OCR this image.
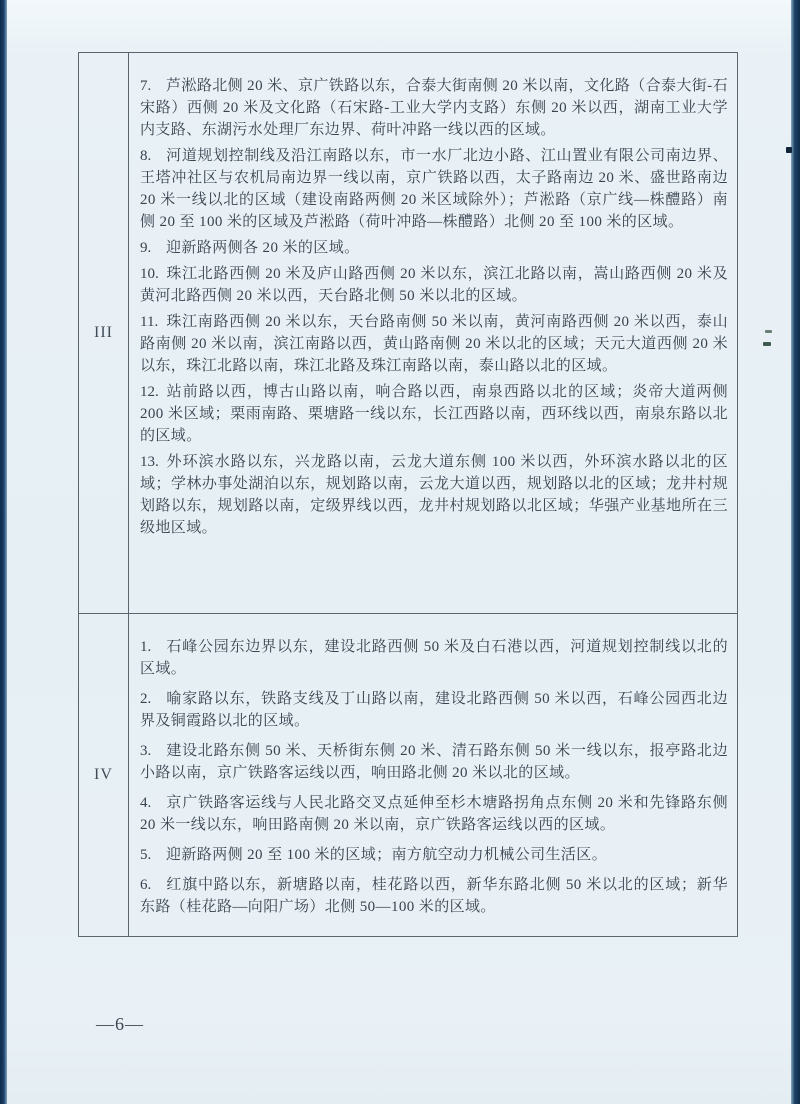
III	

7. 芦淞路北侧 20 米、京广铁路以东，合泰大街南侧 20 米以南，文化路（合泰大街-石宋路）西侧 20 米及文化路（石宋路-工业大学内支路）东侧 20 米以西，湖南工业大学内支路、东湖污水处理厂东边界、荷叶冲路一线以西的区域。

8. 河道规划控制线及沿江南路以东，市一水厂北边小路、江山置业有限公司南边界、王塔冲社区与农机局南边界一线以南，京广铁路以西，太子路南边 20 米、盛世路南边 20 米一线以北的区域（建设南路两侧 20 米区域除外）；芦淞路（京广线—株醴路）南侧 20 至 100 米的区域及芦淞路（荷叶冲路—株醴路）北侧 20 至 100 米的区域。

9. 迎新路两侧各 20 米的区域。

10. 珠江北路西侧 20 米及庐山路西侧 20 米以东，滨江北路以南，嵩山路西侧 20 米及黄河北路西侧 20 米以西，天台路北侧 50 米以北的区域。

11. 珠江南路西侧 20 米以东，天台路南侧 50 米以南，黄河南路西侧 20 米以西，泰山路南侧 20 米以南，滨江南路以西，黄山路南侧 20 米以北的区域；天元大道西侧 20 米以东，珠江北路以南，珠江北路及珠江南路以南，泰山路以北的区域。

12. 站前路以西，博古山路以南，响合路以西，南泉西路以北的区域；炎帝大道两侧 200 米区域；栗雨南路、栗塘路一线以东，长江西路以南，西环线以西，南泉东路以北的区域。

13. 外环滨水路以东，兴龙路以南，云龙大道东侧 100 米以西，外环滨水路以北的区域；学林办事处湖泊以东，规划路以南，云龙大道以西，规划路以北的区域；龙井村规划路以东，规划路以南，定级界线以西，龙井村规划路以北区域；华强产业基地所在三级地区域。

IV	

1. 石峰公园东边界以东，建设北路西侧 50 米及白石港以西，河道规划控制线以北的区域。

2. 喻家路以东，铁路支线及丁山路以南，建设北路西侧 50 米以西，石峰公园西北边界及铜霞路以北的区域。

3. 建设北路东侧 50 米、天桥街东侧 20 米、清石路东侧 50 米一线以东，报亭路北边小路以南，京广铁路客运线以西，响田路北侧 20 米以北的区域。

4. 京广铁路客运线与人民北路交叉点延伸至杉木塘路拐角点东侧 20 米和先锋路东侧 20 米一线以东，响田路南侧 20 米以南，京广铁路客运线以西的区域。

5. 迎新路两侧 20 至 100 米的区域；南方航空动力机械公司生活区。

6. 红旗中路以东，新塘路以南，桂花路以西，新华东路北侧 50 米以北的区域；新华东路（桂花路—向阳广场）北侧 50—100 米的区域。

—6—
